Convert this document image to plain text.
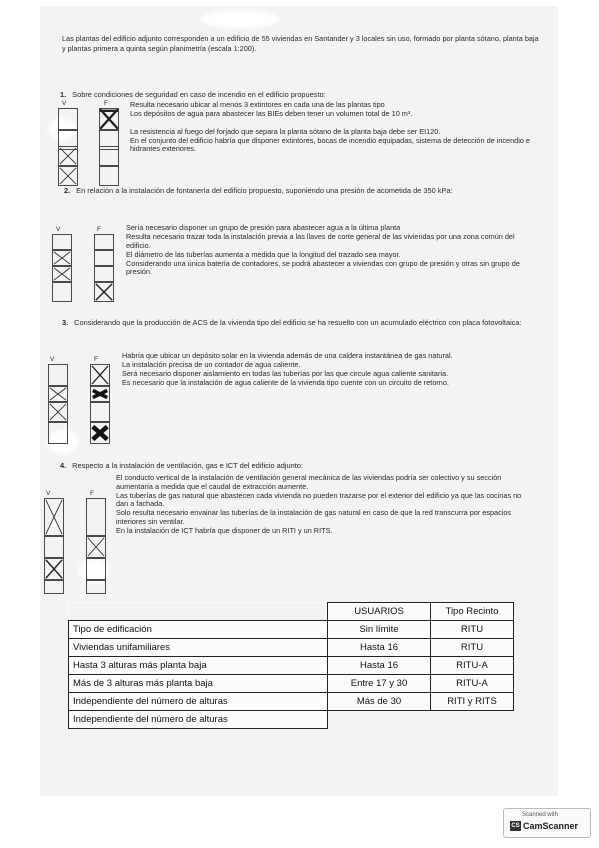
Las plantas del edificio adjunto corresponden a un edificio de 55 viviendas en Santander y 3 locales sin uso, formado por planta sótano, planta baja y plantas primera a quinta según planimetría (escala 1:200).
1. Sobre condiciones de seguridad en caso de incendio en el edificio propuesto:
V	F	Resulta necesario ubicar al menos 3 extintores en cada una de las plantas tipo
Los depósitos de agua para abastecer las BIEs deben tener un volumen total de 10 m³.
La resistencia al fuego del forjado que separa la planta sótano de la planta baja debe ser EI120.
En el conjunto del edificio habría que disponer extintores, bocas de incendio equipadas, sistema de detección de incendio e hidrantes exteriores.
2. En relación a la instalación de fontanería del edificio propuesto, suponiendo una presión de acometida de 350 kPa:
V	F	Sería necesario disponer un grupo de presión para abastecer agua a la última planta
Resulta necesario trazar toda la instalación previa a las llaves de corte general de las viviendas por una zona común del edificio.
El diámetro de las tuberías aumenta a medida que la longitud del trazado sea mayor.
Considerando una única batería de contadores, se podrá abastecer a viviendas con grupo de presión y otras sin grupo de presión.
3. Considerando que la producción de ACS de la vivienda tipo del edificio se ha resuelto con un acumulado eléctrico con placa fotovoltaica:
V	F	Habría que ubicar un depósito solar en la vivienda además de una caldera instantánea de gas natural.
La instalación precisa de un contador de agua caliente.
Será necesario disponer aislamiento en todas las tuberías por las que circule agua caliente sanitaria.
Es necesario que la instalación de agua caliente de la vivienda tipo cuente con un circuito de retorno.
4. Respecto a la instalación de ventilación, gas e ICT del edificio adjunto:
V	F
El conducto vertical de la instalación de ventilación general mecánica de las viviendas podría ser colectivo y su sección aumentaría a medida que el caudal de extracción aumente.
Las tuberías de gas natural que abastecen cada vivienda no pueden trazarse por el exterior del edificio ya que las cocinas no dan a fachada.
Solo resulta necesario envainar las tuberías de la instalación de gas natural en caso de que la red transcurra por espacios interiores sin ventilar.
En la instalación de ICT habría que disponer de un RITI y un RITS.
	USUARIOS	Tipo Recinto
Tipo de edificación	Sin límite	RITU
Viviendas unifamiliares	Hasta 16	RITU
Hasta 3 alturas más planta baja	Hasta 16	RITU-A
Más de 3 alturas más planta baja	Entre 17 y 30	RITU-A
Independiente del número de alturas	Más de 30	RITI y RITS
Independiente del número de alturas		
Scanned with
CS CamScanner
